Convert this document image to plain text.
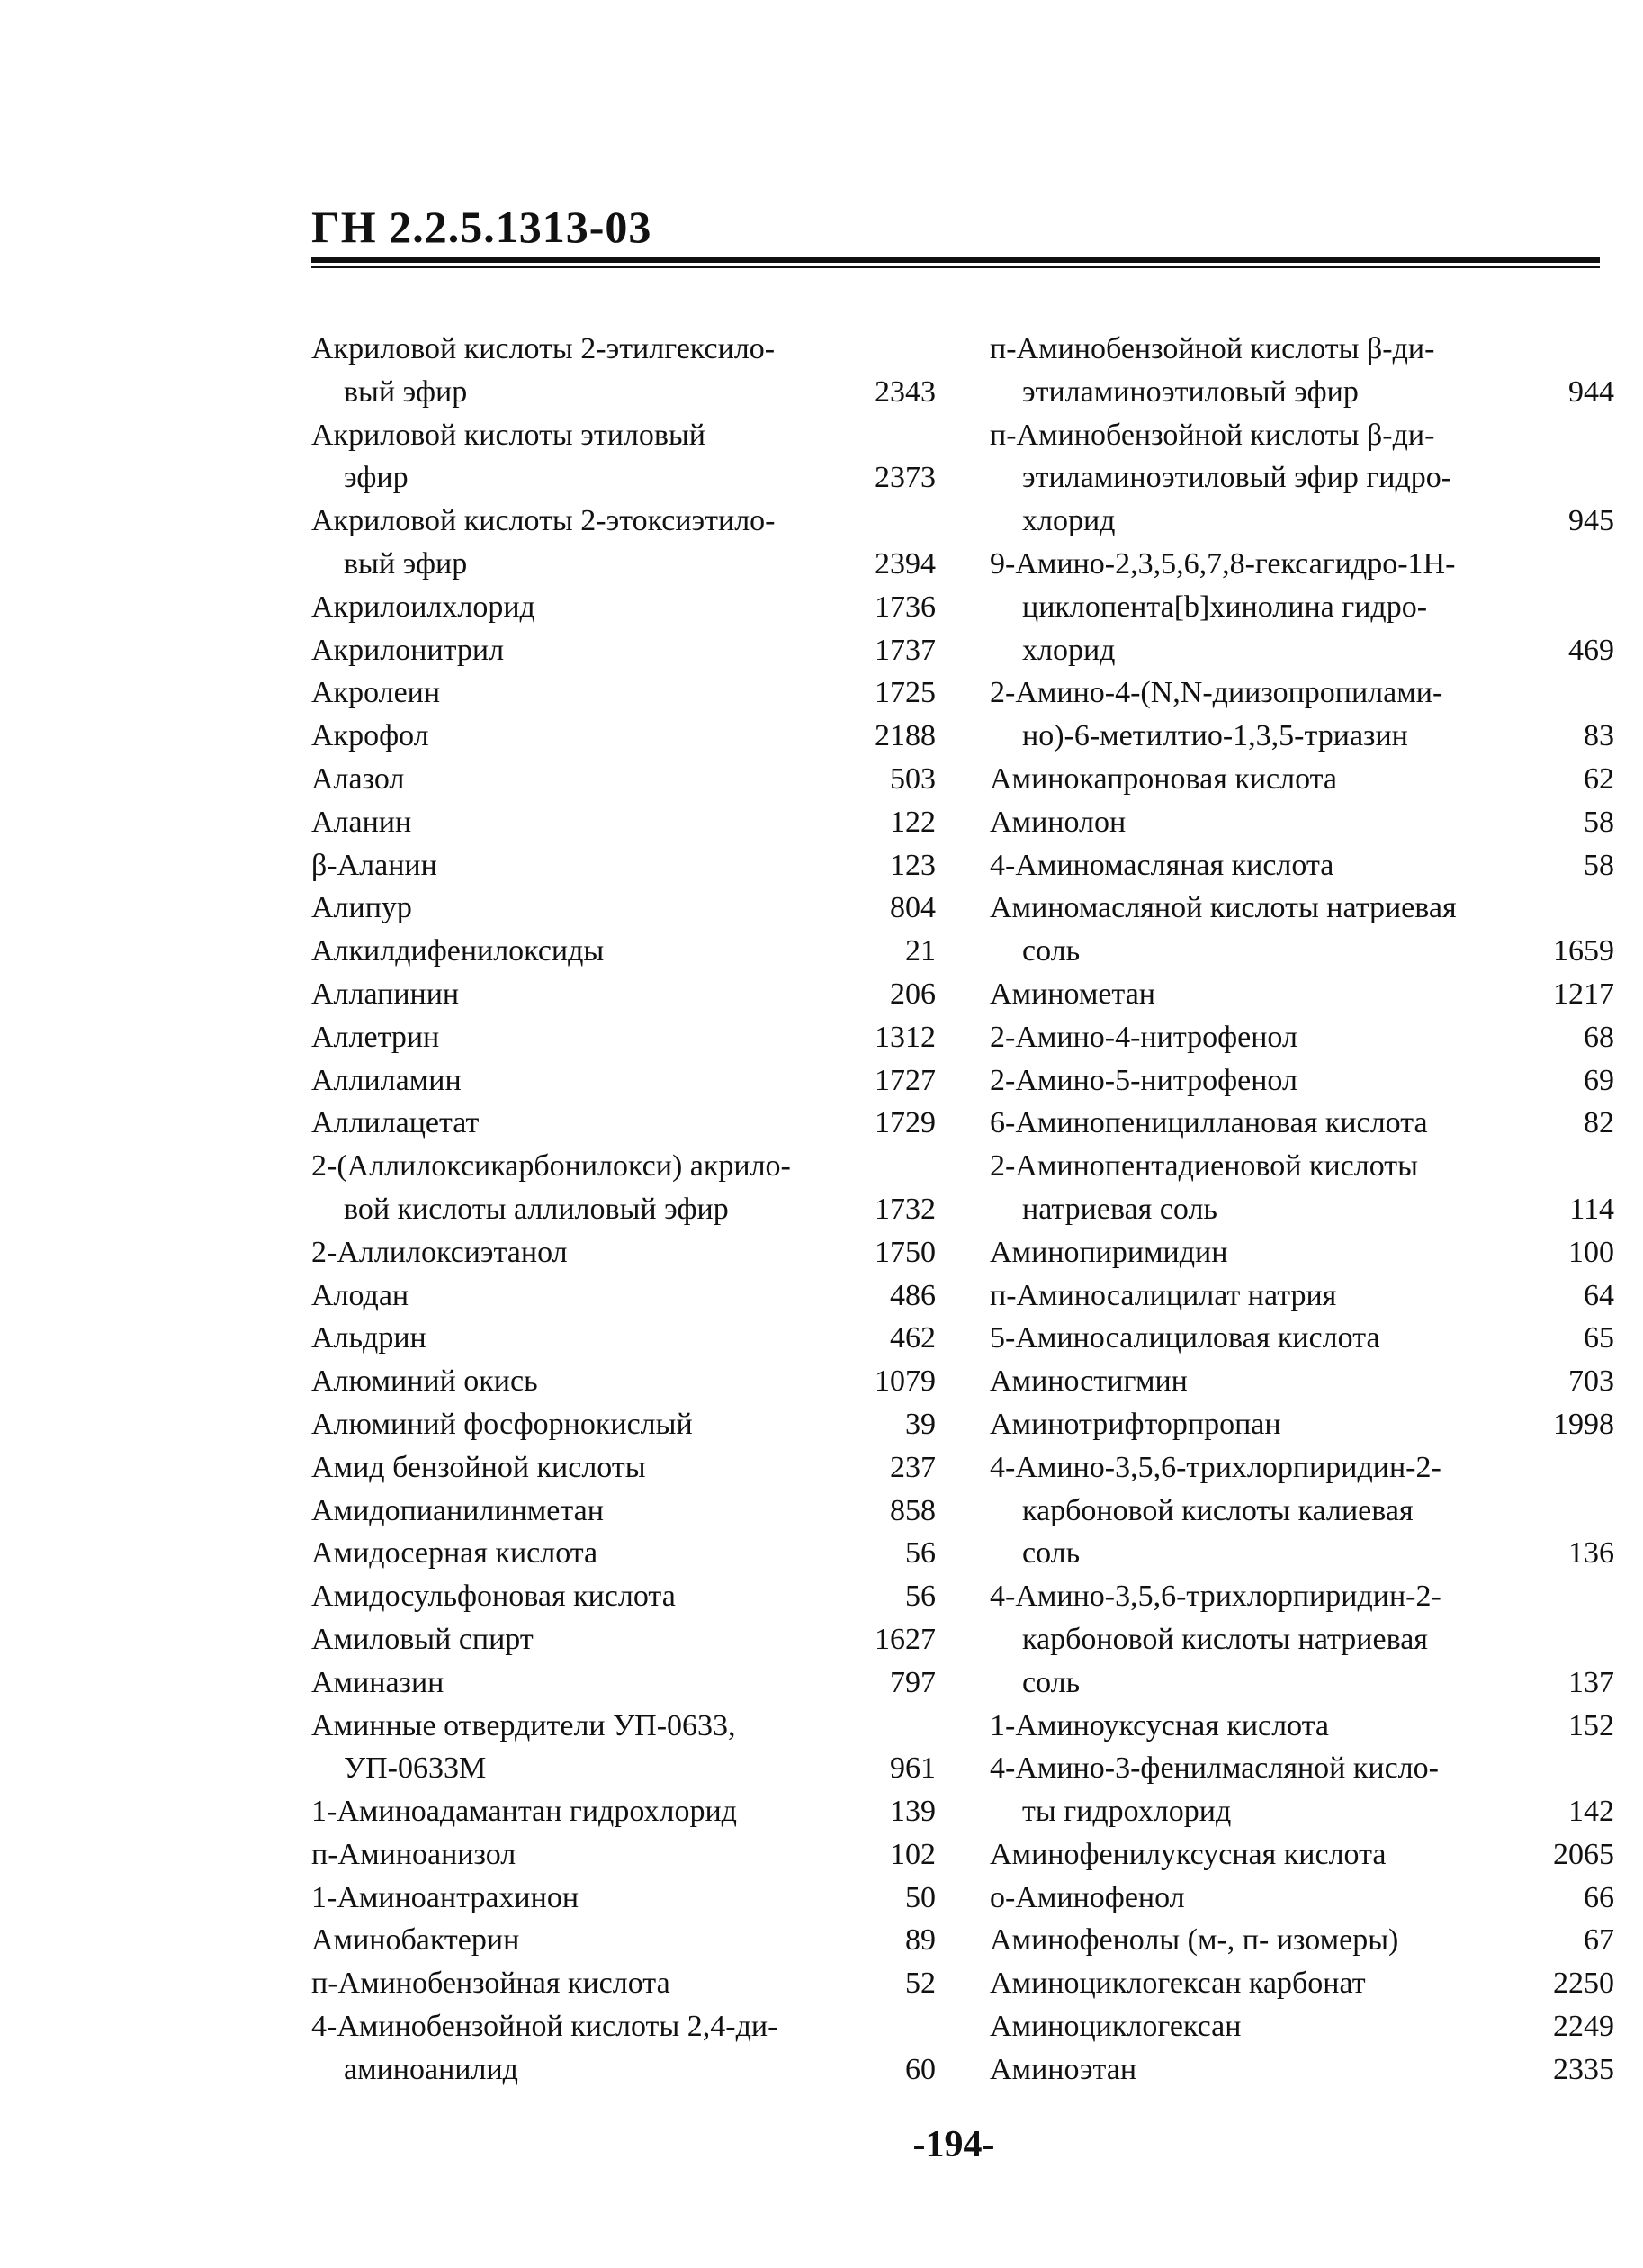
ГН 2.2.5.1313-03
Акриловой кислоты 2-этилгексило-
вый эфир	2343
Акриловой кислоты этиловый
эфир	2373
Акриловой кислоты 2-этоксиэтило-
вый эфир	2394
Акрилоилхлорид	1736
Акрилонитрил	1737
Акролеин	1725
Акрофол	2188
Алазол	503
Аланин	122
β-Аланин	123
Алипур	804
Алкилдифенилоксиды	21
Аллапинин	206
Аллетрин	1312
Аллиламин	1727
Аллилацетат	1729
2-(Аллилоксикарбонилокси) акрило-
вой кислоты аллиловый эфир	1732
2-Аллилоксиэтанол	1750
Алодан	486
Альдрин	462
Алюминий окись	1079
Алюминий фосфорнокислый	39
Амид бензойной кислоты	237
Амидопианилинметан	858
Амидосерная кислота	56
Амидосульфоновая кислота	56
Амиловый спирт	1627
Аминазин	797
Аминные отвердители УП-0633,
УП-0633М	961
1-Аминоадамантан гидрохлорид	139
п-Аминоанизол	102
1-Аминоантрахинон	50
Аминобактерин	89
п-Аминобензойная кислота	52
4-Аминобензойной кислоты 2,4-ди-
аминоанилид	60
п-Аминобензойной кислоты β-ди-
этиламиноэтиловый эфир	944
п-Аминобензойной кислоты β-ди-
этиламиноэтиловый эфир гидро-
хлорид	945
9-Амино-2,3,5,6,7,8-гексагидро-1Н-
циклопента[b]хинолина гидро-
хлорид	469
2-Амино-4-(N,N-диизопропилами-
но)-6-метилтио-1,3,5-триазин	83
Аминокапроновая кислота	62
Аминолон	58
4-Аминомасляная кислота	58
Аминомасляной кислоты натриевая
соль	1659
Аминометан	1217
2-Амино-4-нитрофенол	68
2-Амино-5-нитрофенол	69
6-Аминопенициллановая кислота	82
2-Аминопентадиеновой кислоты
натриевая соль	114
Аминопиримидин	100
п-Аминосалицилат натрия	64
5-Аминосалициловая кислота	65
Аминостигмин	703
Аминотрифторпропан	1998
4-Амино-3,5,6-трихлорпиридин-2-
карбоновой кислоты калиевая
соль	136
4-Амино-3,5,6-трихлорпиридин-2-
карбоновой кислоты натриевая
соль	137
1-Аминоуксусная кислота	152
4-Амино-3-фенилмасляной кисло-
ты гидрохлорид	142
Аминофенилуксусная кислота	2065
о-Аминофенол	66
Аминофенолы (м-, п- изомеры)	67
Аминоциклогексан карбонат	2250
Аминоциклогексан	2249
Аминоэтан	2335
-194-
